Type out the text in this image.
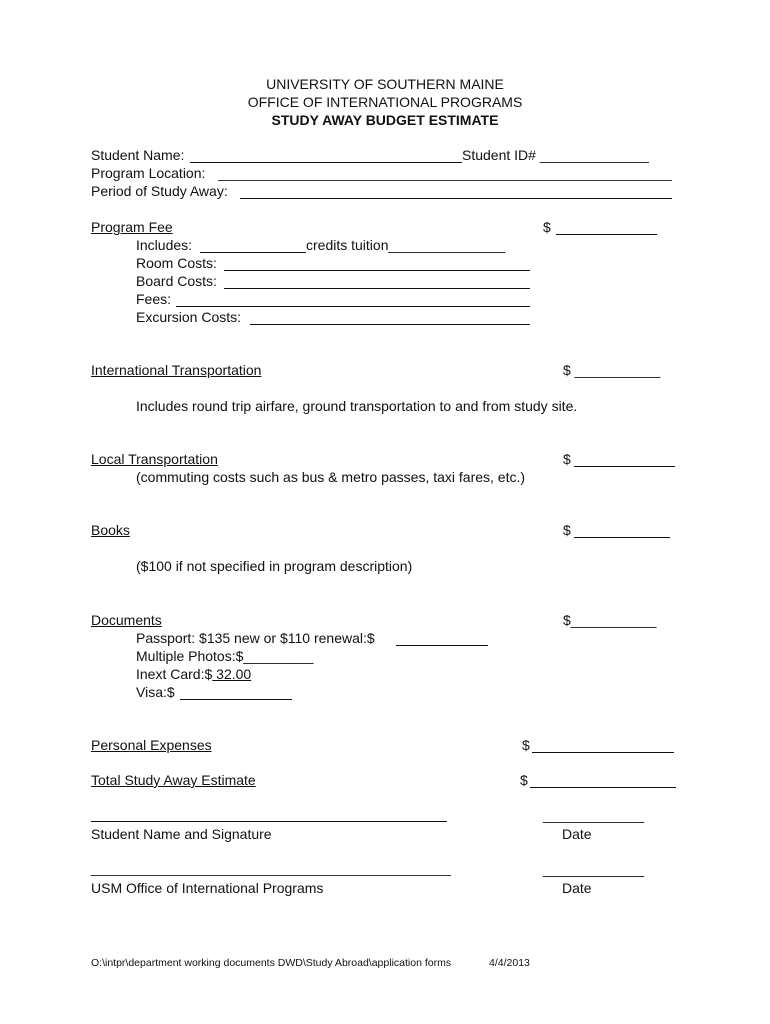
UNIVERSITY OF SOUTHERN MAINE
OFFICE OF INTERNATIONAL PROGRAMS
STUDY AWAY BUDGET ESTIMATE
Student Name:	Student ID# ______________
Program Location:
Period of Study Away:
Program Fee	$
Includes:	credits tuition_______________
Room Costs:
Board Costs:
Fees:
Excursion Costs:
International Transportation	$ ___________
Includes round trip airfare, ground transportation to and from study site.
Local Transportation	$
(commuting costs such as bus & metro passes, taxi fares, etc.)
Books	$
($100 if not specified in program description)
Documents	$___________
Passport: $135 new or $110 renewal:$
Multiple Photos:$_________
Inext Card:$ 32.00
Visa:$
Personal Expenses	$
Total Study Away Estimate	$
_____________
Student Name and Signature	Date
_____________
USM Office of International Programs	Date
O:\intpr\department working documents DWD\Study Abroad\application forms	4/4/2013
